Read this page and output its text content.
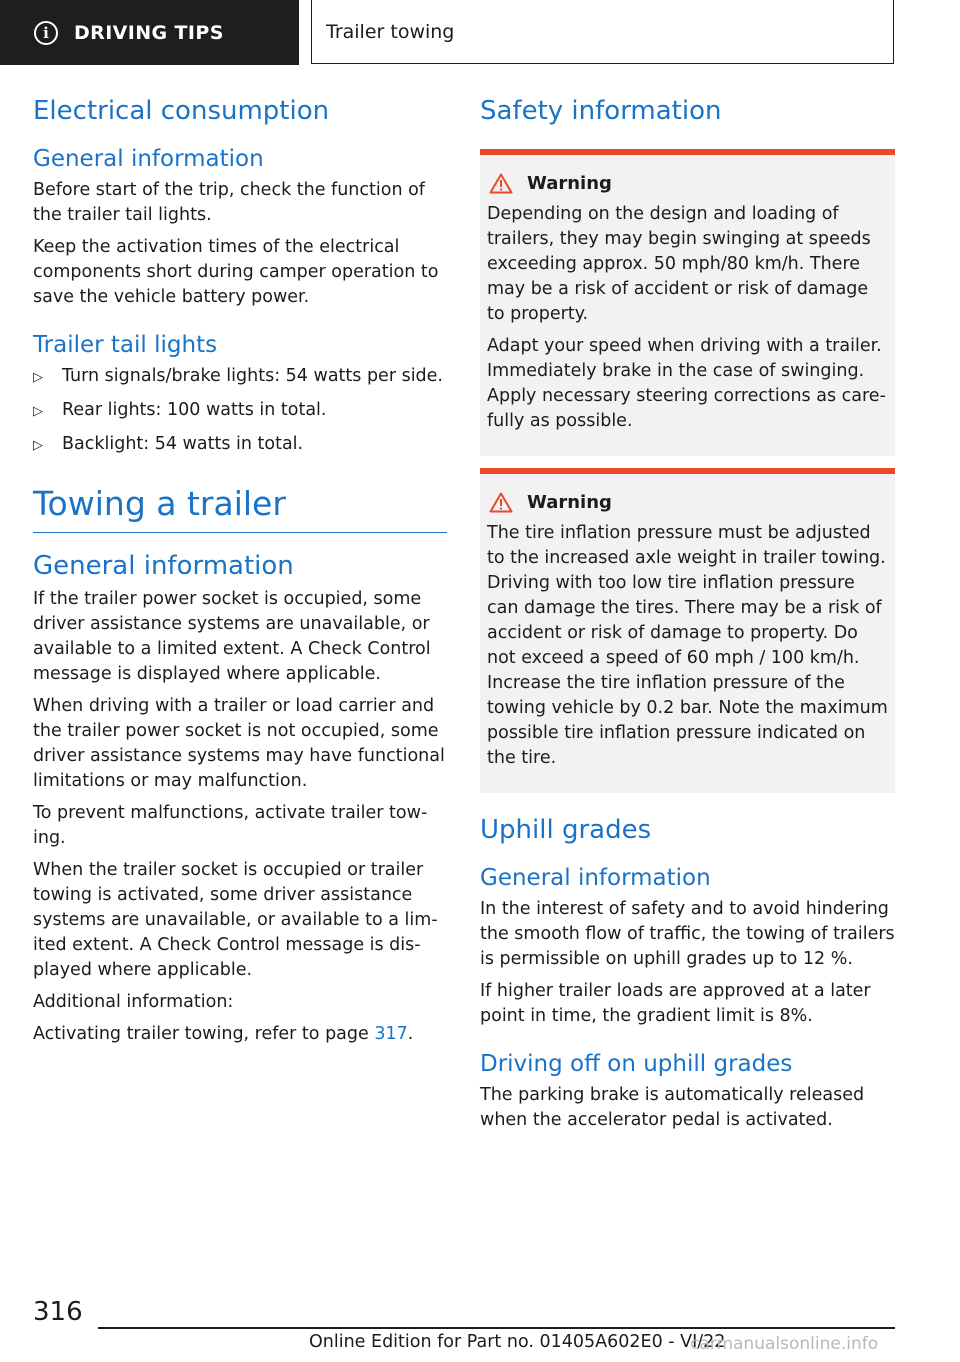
i	DRIVING TIPS	Trailer towing
Electrical consumption
General information

Before start of the trip, check the function of the trailer tail lights.

Keep the activation times of the electrical components short during camper operation to save the vehicle battery power.

Trailer tail lights
▷	Turn signals/brake lights: 54 watts per side.
▷	Rear lights: 100 watts in total.
▷	Backlight: 54 watts in total.
Towing a trailer
General information

If the trailer power socket is occupied, some driver assistance systems are unavailable, or available to a limited extent. A Check Control message is displayed where applicable.

When driving with a trailer or load carrier and the trailer power socket is not occupied, some driver assistance systems may have functional limitations or may malfunction.

To prevent malfunctions, activate trailer towing.

When the trailer socket is occupied or trailer towing is activated, some driver assistance systems are unavailable, or available to a limited extent. A Check Control message is displayed where applicable.

Additional information:

Activating trailer towing, refer to page 317.

Safety information
Warning

Depending on the design and loading of trailers, they may begin swinging at speeds exceeding approx. 50 mph/80 km/h. There may be a risk of accident or risk of damage to property.

Adapt your speed when driving with a trailer. Immediately brake in the case of swinging. Apply necessary steering corrections as carefully as possible.

Warning

The tire inflation pressure must be adjusted to the increased axle weight in trailer towing. Driving with too low tire inflation pressure can damage the tires. There may be a risk of accident or risk of damage to property. Do not exceed a speed of 60 mph / 100 km/h. Increase the tire inflation pressure of the towing vehicle by 0.2 bar. Note the maximum possible tire inflation pressure indicated on the tire.

Uphill grades
General information

In the interest of safety and to avoid hindering the smooth flow of traffic, the towing of trailers is permissible on uphill grades up to 12 %.

If higher trailer loads are approved at a later point in time, the gradient limit is 8%.

Driving off on uphill grades

The parking brake is automatically released when the accelerator pedal is activated.

316
Online Edition for Part no. 01405A602E0 - VI/22
carmanualsonline.info
